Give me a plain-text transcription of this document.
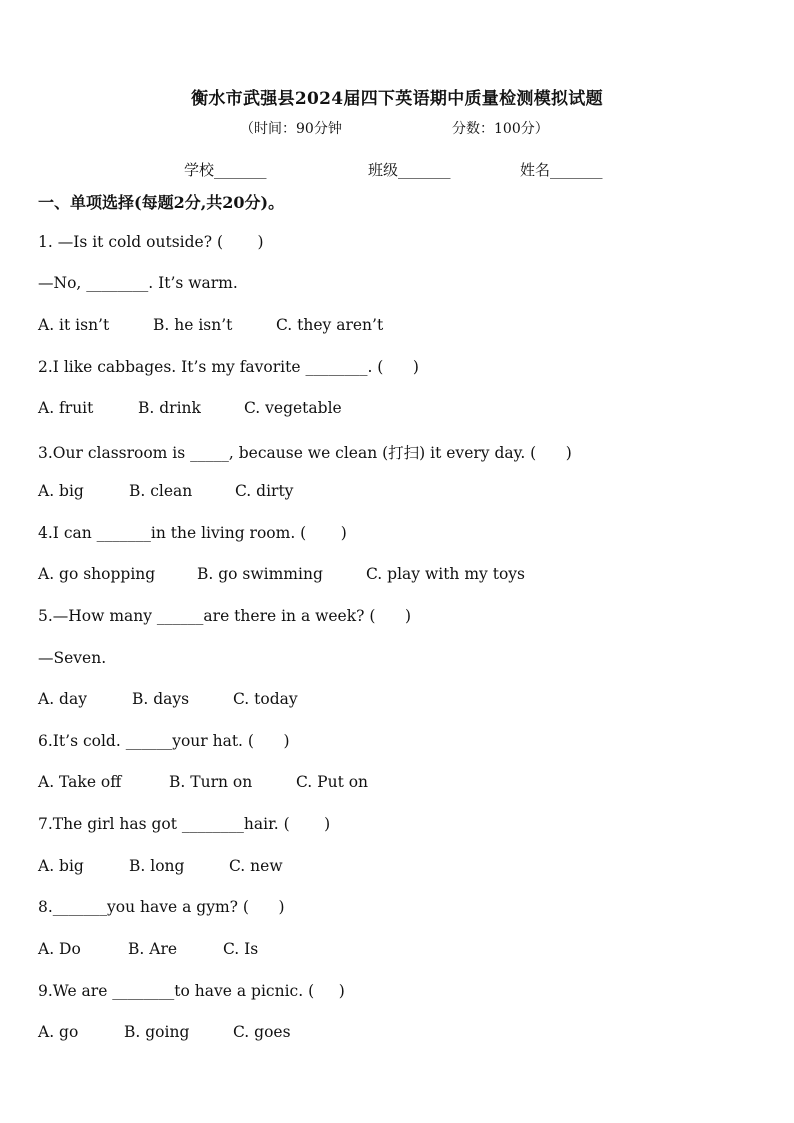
衡水市武强县2024届四下英语期中质量检测模拟试题
（时间：90分钟	分数：100分）
学校_______	班级_______	姓名_______
一、单项选择(每题2分,共20分)。
1. —Is it cold outside? (       )
—No, ________. It’s warm.
A. it isn’t	B. he isn’t	C. they aren’t
2.I like cabbages. It’s my favorite ________. (      )
A. fruit	B. drink	C. vegetable
3.Our classroom is _____, because we clean (打扫) it every day. (      )
A. big	B. clean	C. dirty
4.I can _______in the living room. (       )
A. go shopping	B. go swimming	C. play with my toys
5.—How many ______are there in a week? (      )
—Seven.
A. day	B. days	C. today
6.It’s cold. ______your hat. (      )
A. Take off	B. Turn on	C. Put on
7.The girl has got ________hair. (       )
A. big	B. long	C. new
8._______you have a gym? (      )
A. Do	B. Are	C. Is
9.We are ________to have a picnic. (     )
A. go	B. going	C. goes
